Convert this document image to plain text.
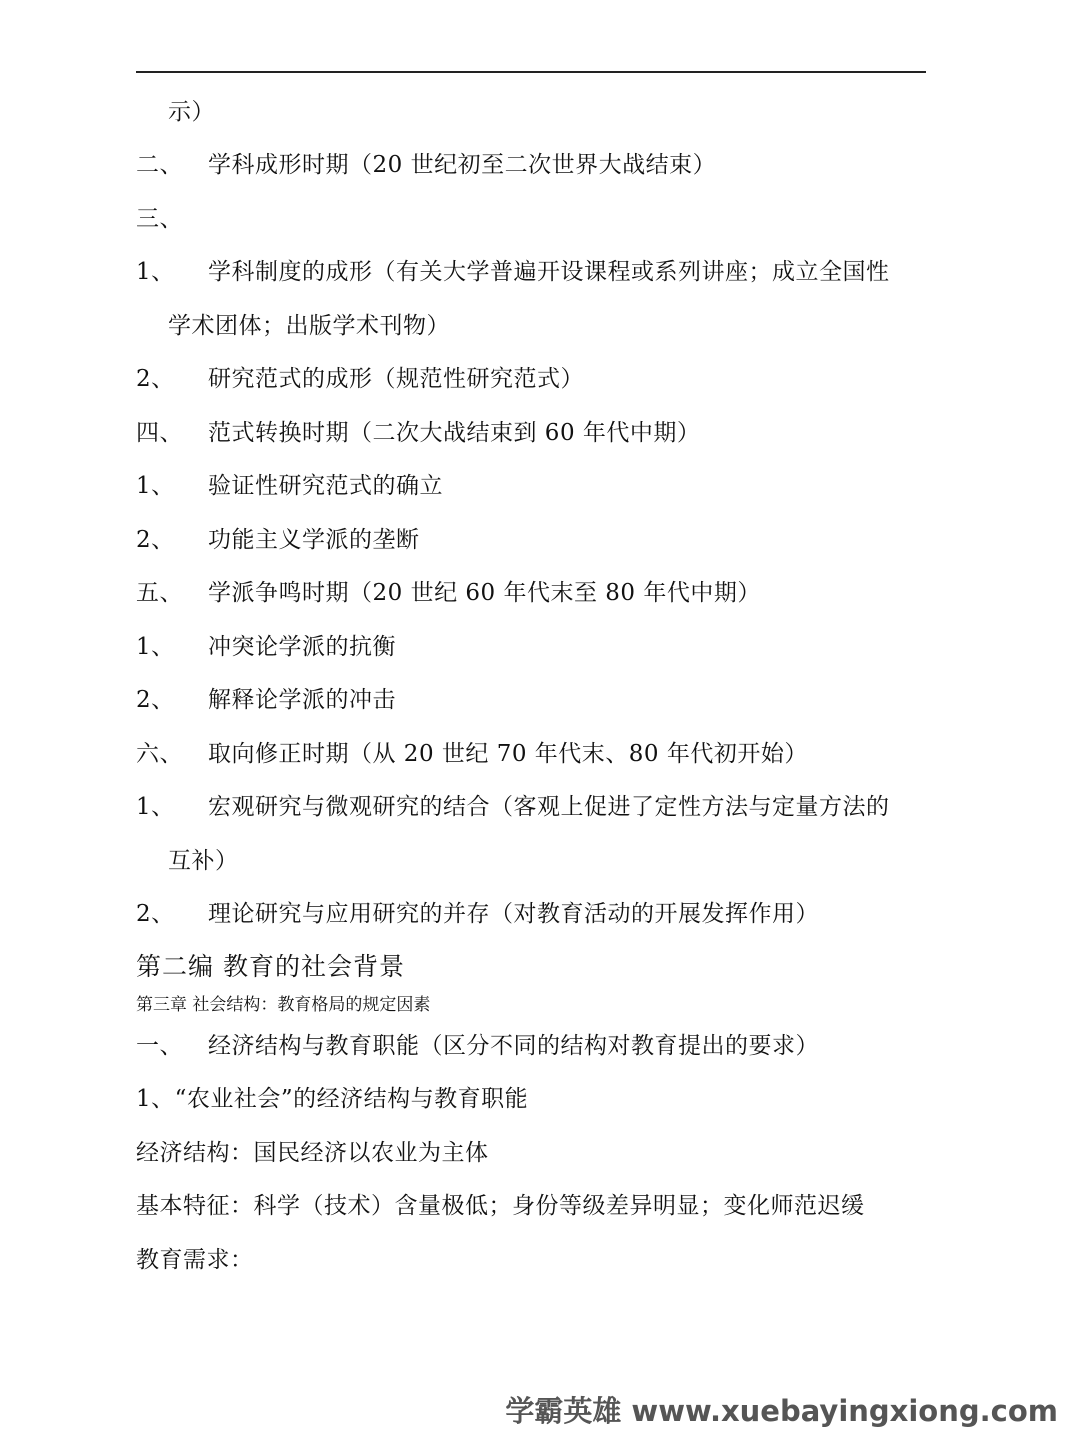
示）
二、 学科成形时期（20 世纪初至二次世界大战结束）
三、
1、 学科制度的成形（有关大学普遍开设课程或系列讲座；成立全国性
学术团体；出版学术刊物）
2、 研究范式的成形（规范性研究范式）
四、 范式转换时期（二次大战结束到 60 年代中期）
1、 验证性研究范式的确立
2、 功能主义学派的垄断
五、 学派争鸣时期（20 世纪 60 年代末至 80 年代中期）
1、 冲突论学派的抗衡
2、 解释论学派的冲击
六、 取向修正时期（从 20 世纪 70 年代末、80 年代初开始）
1、 宏观研究与微观研究的结合（客观上促进了定性方法与定量方法的
互补）
2、 理论研究与应用研究的并存（对教育活动的开展发挥作用）
第二编 教育的社会背景
第三章 社会结构：教育格局的规定因素
一、 经济结构与教育职能（区分不同的结构对教育提出的要求）
1、“农业社会”的经济结构与教育职能
经济结构：国民经济以农业为主体
基本特征：科学（技术）含量极低；身份等级差异明显；变化师范迟缓
教育需求：
学霸英雄 www.xuebayingxiong.com
